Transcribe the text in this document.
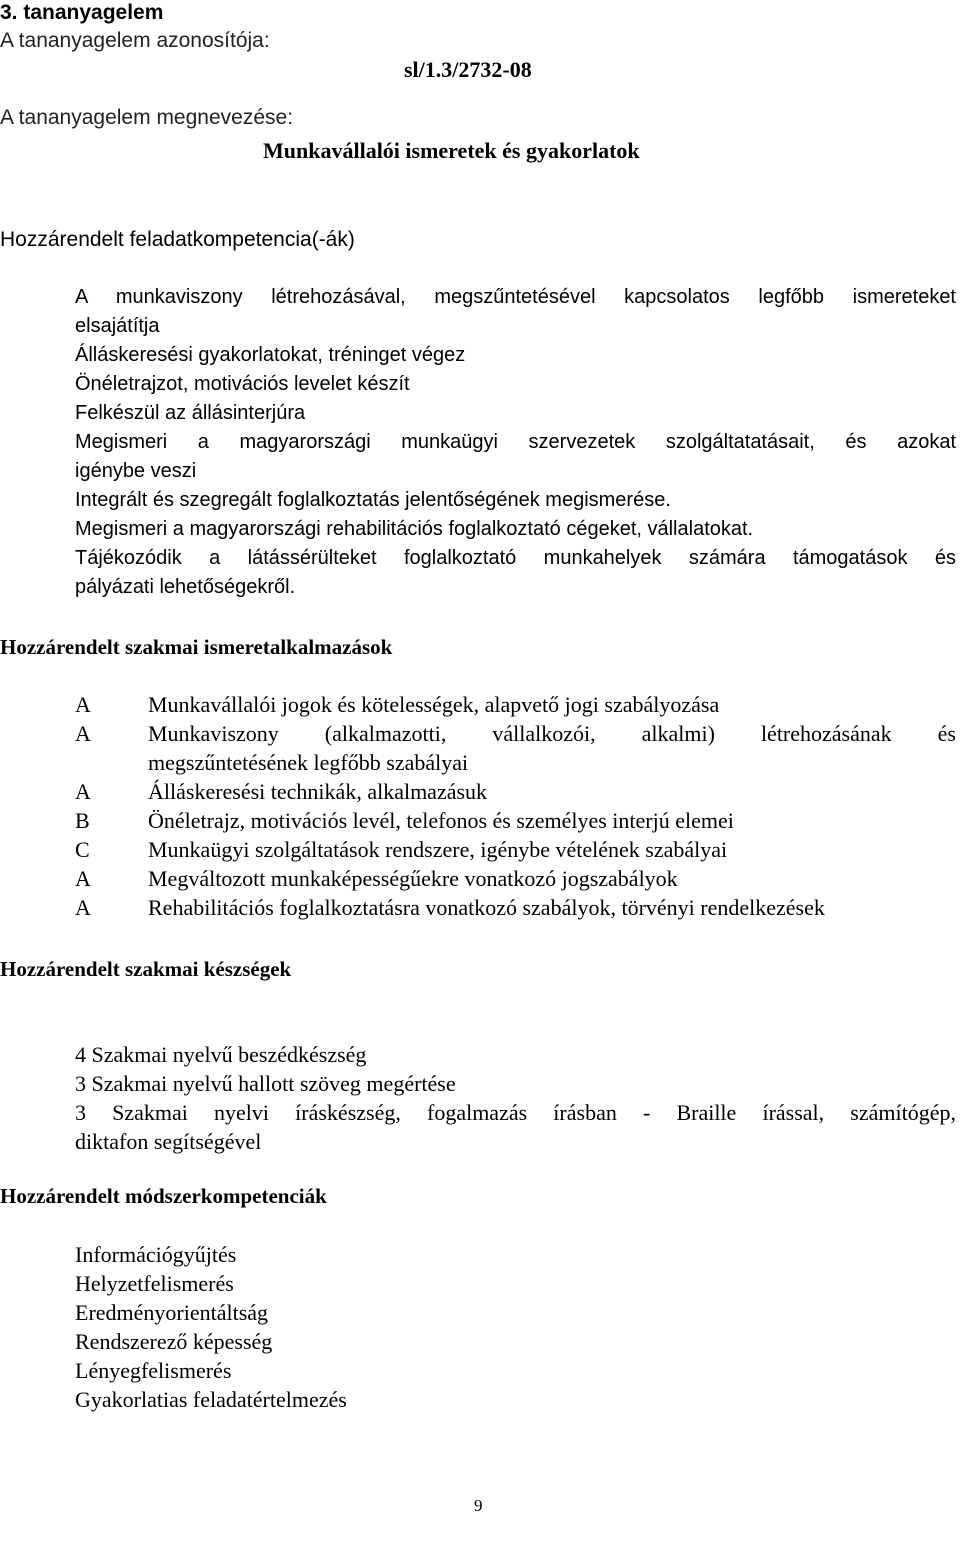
3. tananyagelem
A tananyagelem azonosítója:
sl/1.3/2732-08
A tananyagelem megnevezése:
Munkavállalói ismeretek és gyakorlatok
Hozzárendelt feladatkompetencia(-ák)
A munkaviszony létrehozásával, megszűntetésével kapcsolatos legfőbb ismereteket
elsajátítja
Álláskeresési gyakorlatokat, tréninget végez
Önéletrajzot, motivációs levelet készít
Felkészül az állásinterjúra
Megismeri a magyarországi munkaügyi szervezetek szolgáltatatásait, és azokat
igénybe veszi
Integrált és szegregált foglalkoztatás jelentőségének megismerése.
Megismeri a magyarországi rehabilitációs foglalkoztató cégeket, vállalatokat.
Tájékozódik a látássérülteket foglalkoztató munkahelyek számára támogatások és
pályázati lehetőségekről.
Hozzárendelt szakmai ismeretalkalmazások
A	Munkavállalói jogok és kötelességek, alapvető jogi szabályozása
A	Munkaviszony (alkalmazotti, vállalkozói, alkalmi) létrehozásának és
megszűntetésének legfőbb szabályai
A	Álláskeresési technikák, alkalmazásuk
B	Önéletrajz, motivációs levél, telefonos és személyes interjú elemei
C	Munkaügyi szolgáltatások rendszere, igénybe vételének szabályai
A	Megváltozott munkaképességűekre vonatkozó jogszabályok
A	Rehabilitációs foglalkoztatásra vonatkozó szabályok, törvényi rendelkezések
Hozzárendelt szakmai készségek
4 Szakmai nyelvű beszédkészség
3 Szakmai nyelvű hallott szöveg megértése
3 Szakmai nyelvi íráskészség, fogalmazás írásban - Braille írással, számítógép,
diktafon segítségével
Hozzárendelt módszerkompetenciák
Információgyűjtés
Helyzetfelismerés
Eredményorientáltság
Rendszerező képesség
Lényegfelismerés
Gyakorlatias feladatértelmezés
9
